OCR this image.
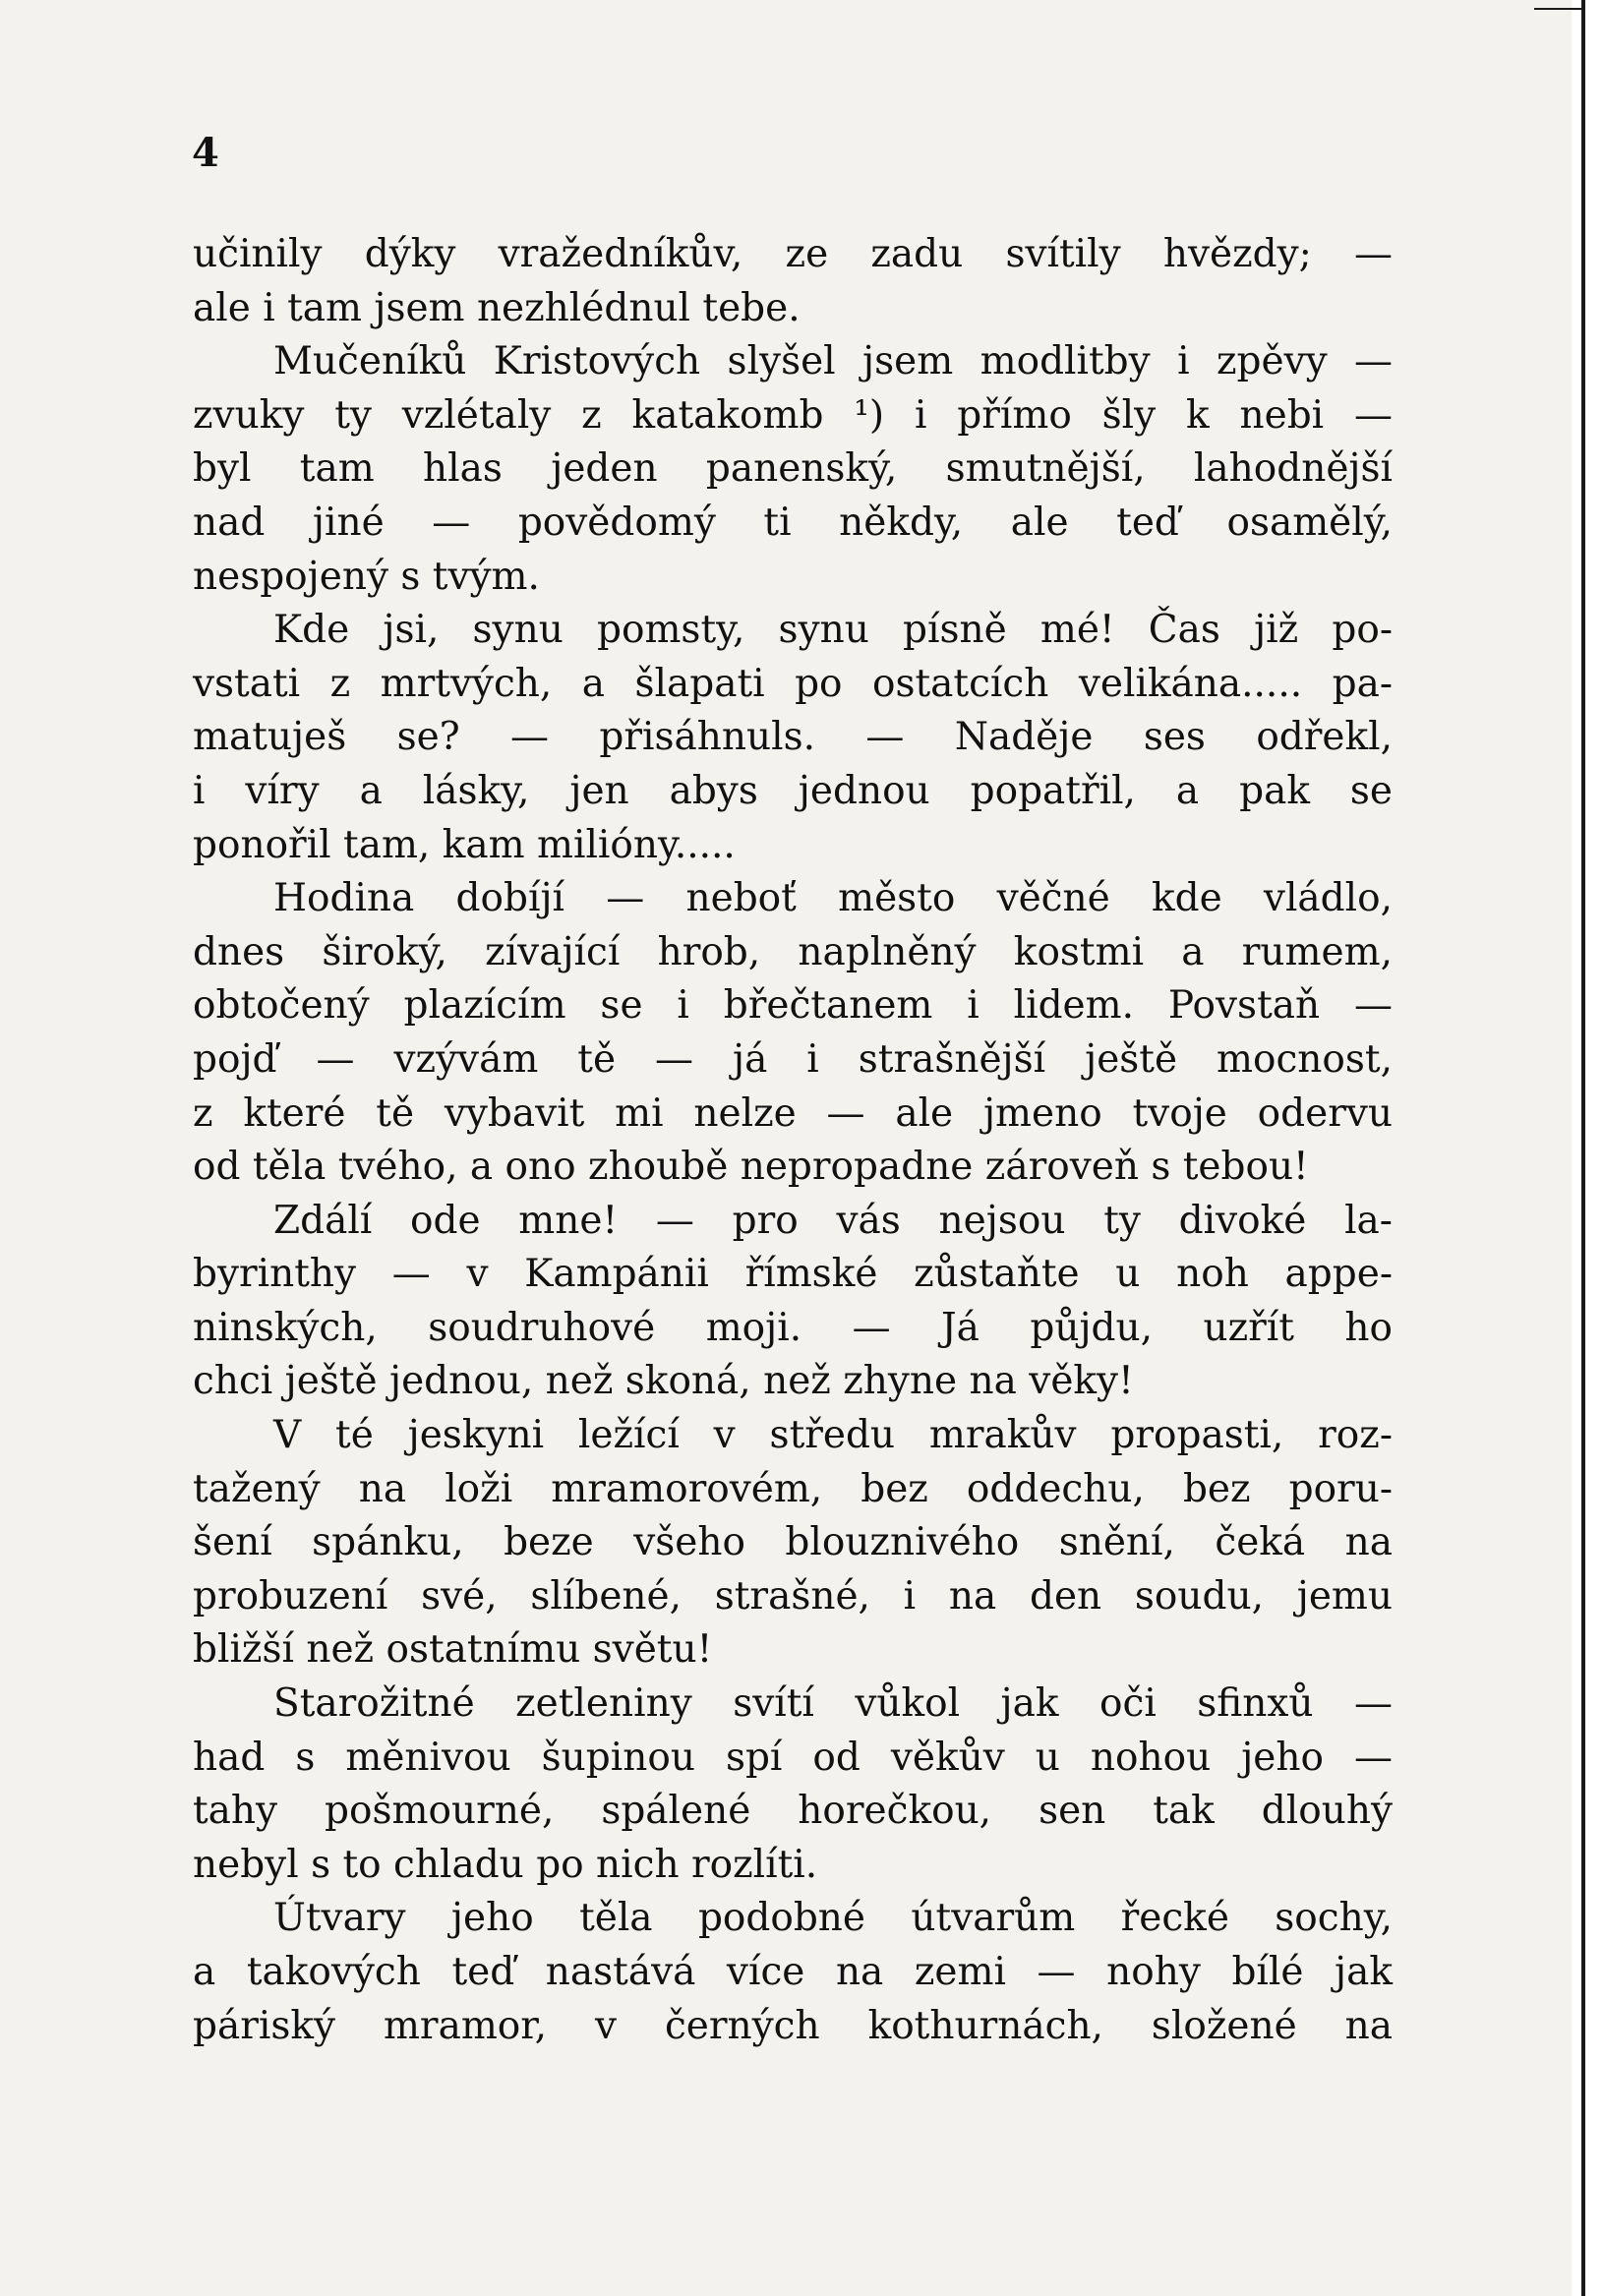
4
učinily dýky vražedníkův, ze zadu svítily hvězdy; —
ale i tam jsem nezhlédnul tebe.
Mučeníků Kristových slyšel jsem modlitby i zpěvy —
zvuky ty vzlétaly z katakomb ¹) i přímo šly k nebi —
byl tam hlas jeden panenský, smutnější, lahodnější
nad jiné — povědomý ti někdy, ale teď osamělý,
nespojený s tvým.
Kde jsi, synu pomsty, synu písně mé! Čas již po-
vstati z mrtvých, a šlapati po ostatcích velikána..... pa-
matuješ se? — přisáhnuls. — Naděje ses odřekl,
i víry a lásky, jen abys jednou popatřil, a pak se
ponořil tam, kam milióny.....
Hodina dobíjí — neboť město věčné kde vládlo,
dnes široký, zívající hrob, naplněný kostmi a rumem,
obtočený plazícím se i břečtanem i lidem. Povstaň —
pojď — vzývám tě — já i strašnější ještě mocnost,
z které tě vybavit mi nelze — ale jmeno tvoje odervu
od těla tvého, a ono zhoubě nepropadne zároveň s tebou!
Zdálí ode mne! — pro vás nejsou ty divoké la-
byrinthy — v Kampánii římské zůstaňte u noh appe-
ninských, soudruhové moji. — Já půjdu, uzřít ho
chci ještě jednou, než skoná, než zhyne na věky!
V té jeskyni ležící v středu mrakův propasti, roz-
tažený na loži mramorovém, bez oddechu, bez poru-
šení spánku, beze všeho blouznivého snění, čeká na
probuzení své, slíbené, strašné, i na den soudu, jemu
bližší než ostatnímu světu!
Starožitné zetleniny svítí vůkol jak oči sfinxů —
had s měnivou šupinou spí od věkův u nohou jeho —
tahy pošmourné, spálené horečkou, sen tak dlouhý
nebyl s to chladu po nich rozlíti.
Útvary jeho těla podobné útvarům řecké sochy,
a takových teď nastává více na zemi — nohy bílé jak
páriský mramor, v černých kothurnách, složené na
